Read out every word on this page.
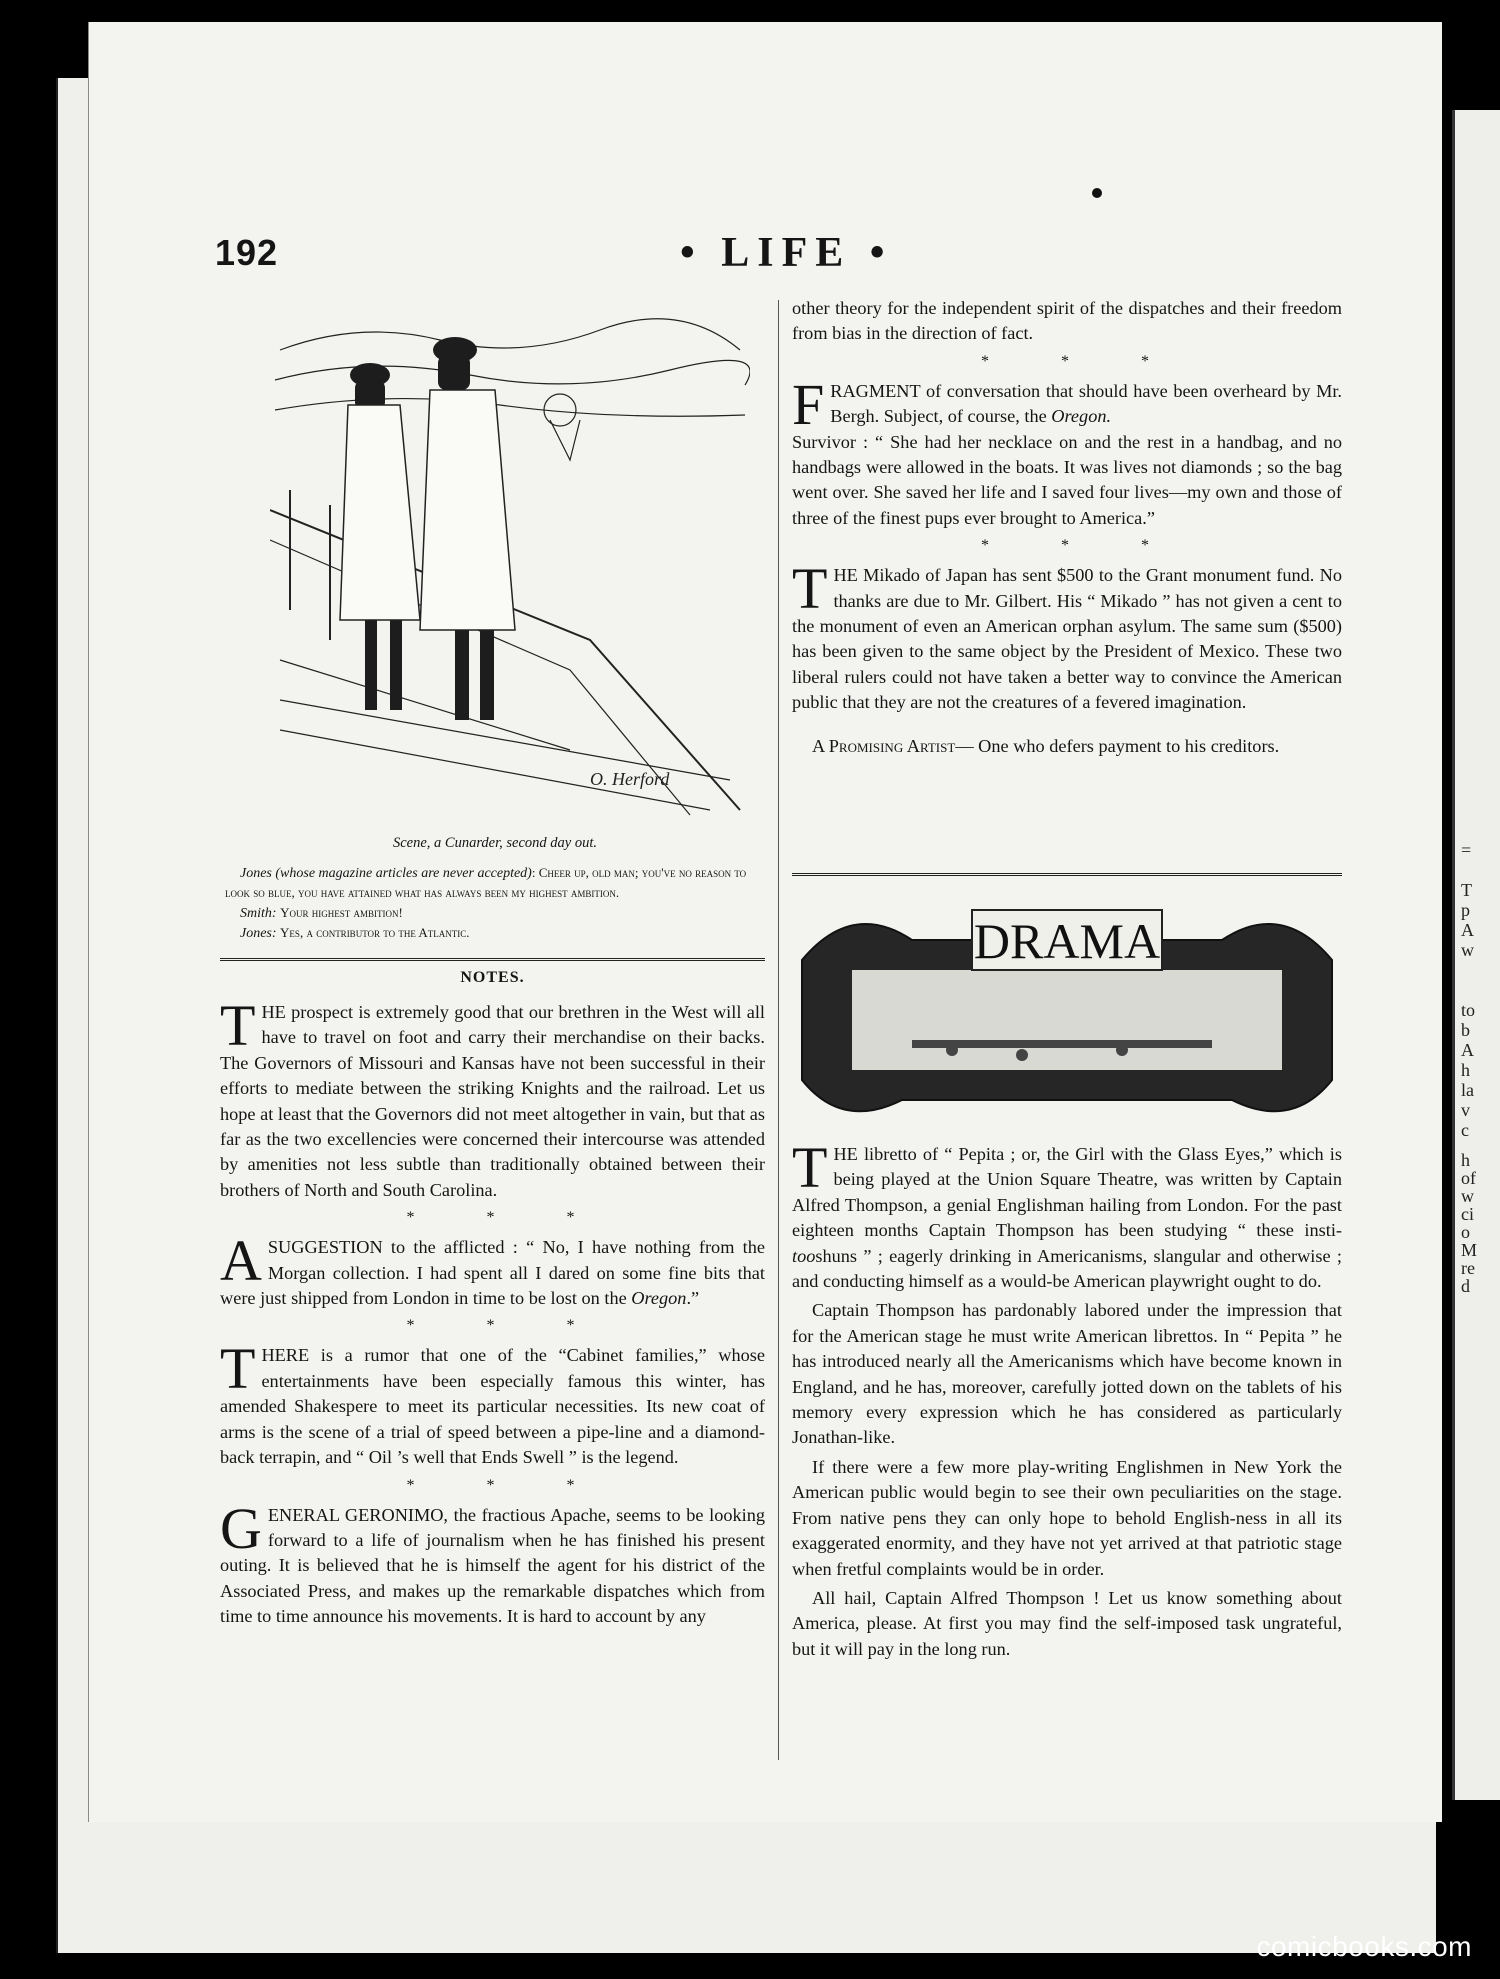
=
T
p
A
w
to
b
A
h
la
v
c
h
of
w
ci
o
M
re
d
192	• LIFE •
O. Herford
Scene, a Cunarder, second day out.
Jones (whose magazine articles are never accepted): Cheer up, old man; you've no reason to look so blue, you have attained what has always been my highest ambition.
Smith: Your highest ambition!
Jones: Yes, a contributor to the Atlantic.
NOTES.

THE prospect is extremely good that our brethren in the West will all have to travel on foot and carry their merchandise on their backs. The Governors of Missouri and Kansas have not been successful in their efforts to mediate between the striking Knights and the railroad. Let us hope at least that the Governors did not meet altogether in vain, but that as far as the two excellencies were concerned their intercourse was attended by amenities not less subtle than traditionally obtained between their brothers of North and South Carolina.

* * *

A SUGGESTION to the afflicted : “ No, I have nothing from the Morgan collection. I had spent all I dared on some fine bits that were just shipped from London in time to be lost on the Oregon.”

* * *

THERE is a rumor that one of the “Cabinet families,” whose entertainments have been especially famous this winter, has amended Shakespere to meet its particular necessities. Its new coat of arms is the scene of a trial of speed between a pipe-line and a diamond-back terrapin, and “ Oil ’s well that Ends Swell ” is the legend.

* * *

GENERAL GERONIMO, the fractious Apache, seems to be looking forward to a life of journalism when he has finished his present outing. It is believed that he is himself the agent for his district of the Associated Press, and makes up the remarkable dispatches which from time to time announce his movements. It is hard to account by any

other theory for the independent spirit of the dispatches and their freedom from bias in the direction of fact.

* * *

FRAGMENT of conversation that should have been overheard by Mr. Bergh. Subject, of course, the Oregon.

Survivor : “ She had her necklace on and the rest in a handbag, and no handbags were allowed in the boats. It was lives not diamonds ; so the bag went over. She saved her life and I saved four lives—my own and those of three of the finest pups ever brought to America.”

* * *

THE Mikado of Japan has sent $500 to the Grant monument fund. No thanks are due to Mr. Gilbert. His “ Mikado ” has not given a cent to the monument of even an American orphan asylum. The same sum ($500) has been given to the same object by the President of Mexico. These two liberal rulers could not have taken a better way to convince the American public that they are not the creatures of a fevered imagination.

A Promising Artist— One who defers payment to his creditors.

DRAMA

THE libretto of “ Pepita ; or, the Girl with the Glass Eyes,” which is being played at the Union Square Theatre, was written by Captain Alfred Thompson, a genial Englishman hailing from London. For the past eighteen months Captain Thompson has been studying “ these insti-tooshuns ” ; eagerly drinking in Americanisms, slangular and otherwise ; and conducting himself as a would-be American playwright ought to do.

Captain Thompson has pardonably labored under the impression that for the American stage he must write American librettos. In “ Pepita ” he has introduced nearly all the Americanisms which have become known in England, and he has, moreover, carefully jotted down on the tablets of his memory every expression which he has considered as particularly Jonathan-like.

If there were a few more play-writing Englishmen in New York the American public would begin to see their own peculiarities on the stage. From native pens they can only hope to behold English-ness in all its exaggerated enormity, and they have not yet arrived at that patriotic stage when fretful complaints would be in order.

All hail, Captain Alfred Thompson ! Let us know something about America, please. At first you may find the self-imposed task ungrateful, but it will pay in the long run.

comicbooks.com
